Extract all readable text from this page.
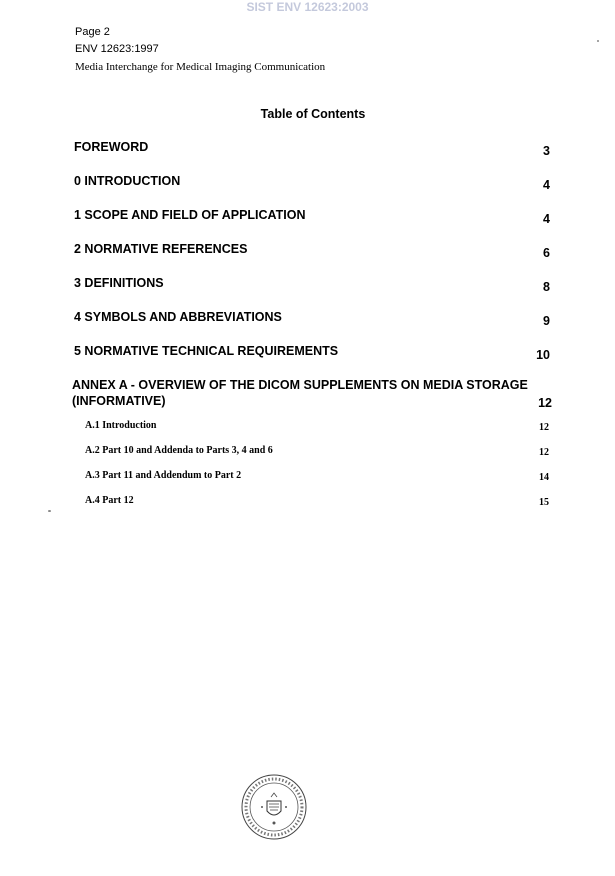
SIST ENV 12623:2003
Page 2
ENV 12623:1997
Media Interchange for Medical Imaging Communication
Table of Contents
FOREWORD	3
0 INTRODUCTION	4
1 SCOPE AND FIELD OF APPLICATION	4
2 NORMATIVE REFERENCES	6
3 DEFINITIONS	8
4 SYMBOLS AND ABBREVIATIONS	9
5 NORMATIVE TECHNICAL REQUIREMENTS	10
ANNEX A - OVERVIEW OF THE DICOM SUPPLEMENTS ON MEDIA STORAGE
(INFORMATIVE)	12
A.1 Introduction	12
A.2 Part 10 and Addenda to Parts 3, 4 and 6	12
A.3 Part 11 and Addendum to Part 2	14
A.4 Part 12	15
